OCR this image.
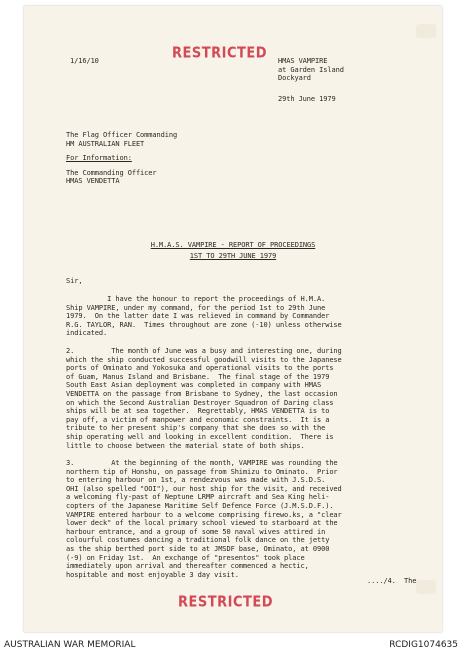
1/16/10	RESTRICTED HMAS VAMPIRE
at Garden Island
Dockyard
29th June 1979
The Flag Officer Commanding
HM AUSTRALIAN FLEET
For Information:
The Commanding Officer
HMAS VENDETTA
H.M.A.S. VAMPIRE - REPORT OF PROCEEDINGS
1ST TO 29TH JUNE 1979
Sir,

I have the honour to report the proceedings of H.M.A.
Ship VAMPIRE, under my command, for the period 1st to 29th June
1979.  On the latter date I was relieved in command by Commander
R.G. TAYLOR, RAN.  Times throughout are zone (-10) unless otherwise
indicated.

2.         The month of June was a busy and interesting one, during
which the ship conducted successful goodwill visits to the Japanese
ports of Ominato and Yokosuka and operational visits to the ports
of Guam, Manus Island and Brisbane.  The final stage of the 1979
South East Asian deployment was completed in company with HMAS
VENDETTA on the passage from Brisbane to Sydney, the last occasion
on which the Second Australian Destroyer Squadron of Daring class
ships will be at sea together.  Regrettably, HMAS VENDETTA is to
pay off, a victim of manpower and economic constraints.  It is a
tribute to her present ship's company that she does so with the
ship operating well and looking in excellent condition.  There is
little to choose between the material state of both ships.

3.         At the beginning of the month, VAMPIRE was rounding the
northern tip of Honshu, on passage from Shimizu to Ominato.  Prior
to entering harbour on 1st, a rendezvous was made with J.S.D.S.
OHI (also spelled "OOI"), our host ship for the visit, and received
a welcoming fly-past of Neptune LRMP aircraft and Sea King heli-
copters of the Japanese Maritime Self Defence Force (J.M.S.D.F.).
VAMPIRE entered harbour to a welcome comprising firewo.ks, a "clear
lower deck" of the local primary school viewed to starboard at the
harbour entrance, and a group of some 50 naval wives attired in
colourful costumes dancing a traditional folk dance on the jetty
as the ship berthed port side to at JMSDF base, Ominato, at 0900
(-9) on Friday 1st.  An exchange of "presentos" took place
immediately upon arrival and thereafter commenced a hectic,
hospitable and most enjoyable 3 day visit.

..../4.  The
RESTRICTED
AUSTRALIAN WAR MEMORIAL	RCDIG1074635
